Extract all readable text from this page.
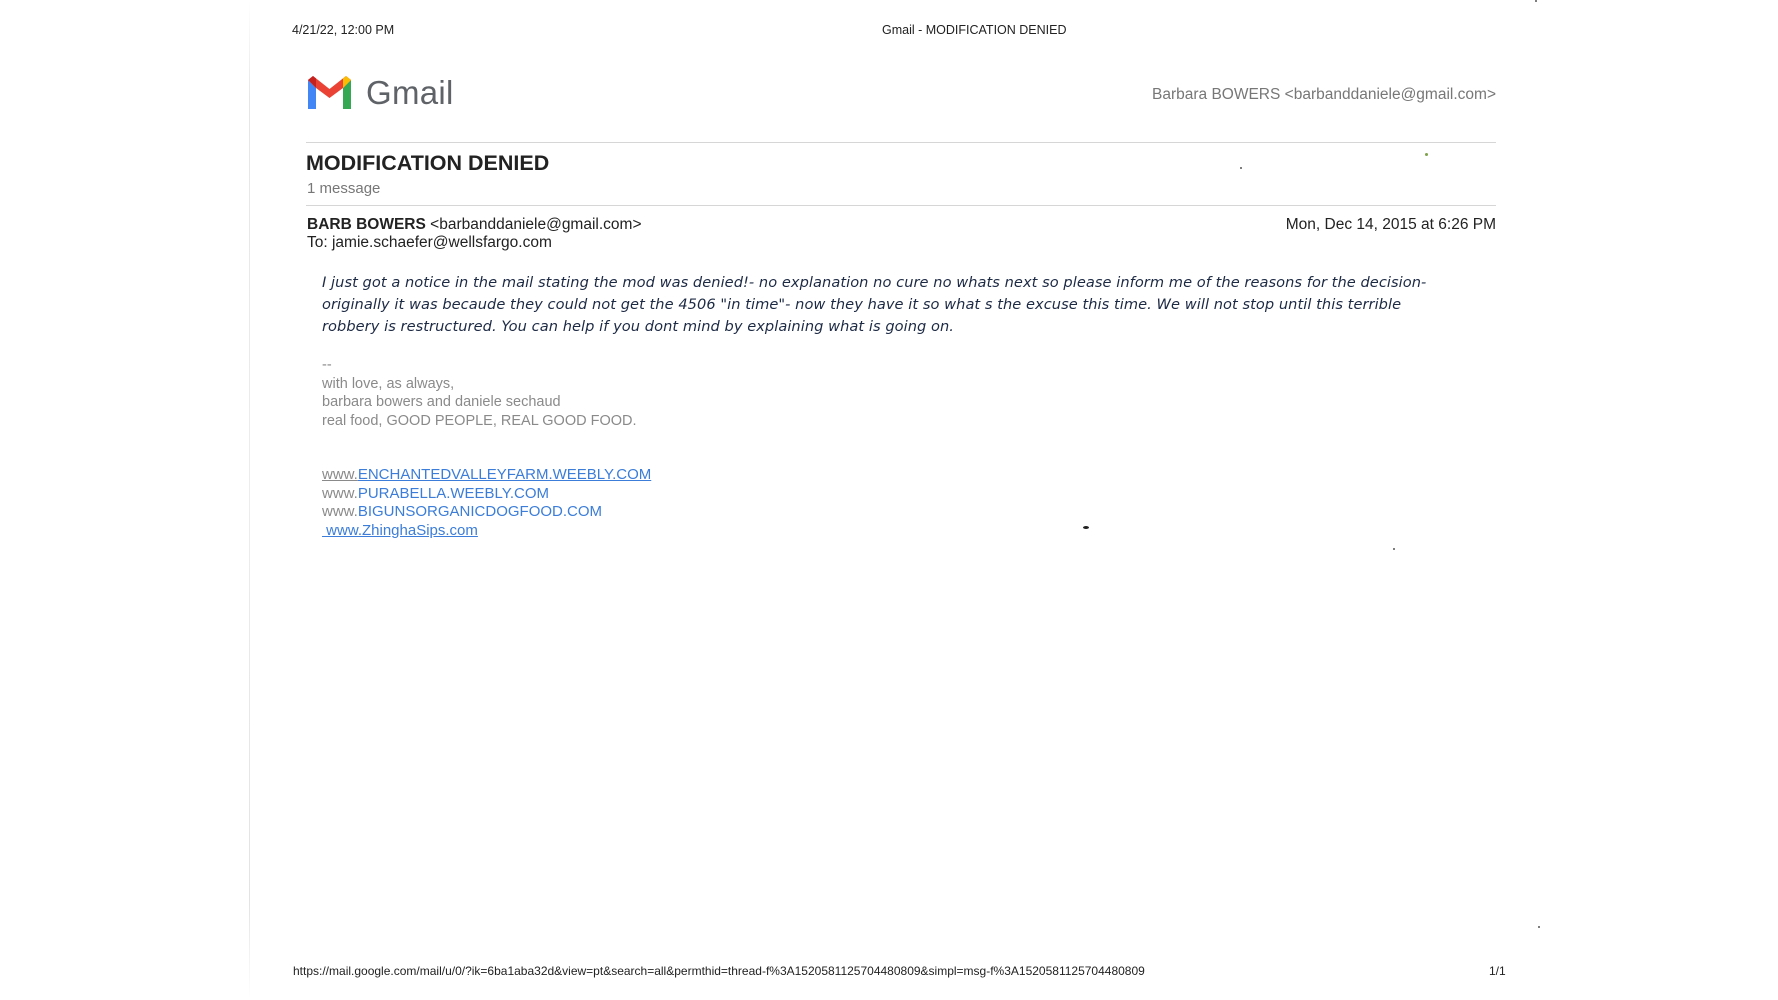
4/21/22, 12:00 PM	Gmail - MODIFICATION DENIED
Gmail	Barbara BOWERS <barbanddaniele@gmail.com>
MODIFICATION DENIED
1 message
BARB BOWERS <barbanddaniele@gmail.com>
To: jamie.schaefer@wellsfargo.com
Mon, Dec 14, 2015 at 6:26 PM
I just got a notice in the mail stating the mod was denied!- no explanation no cure no whats next so please inform me of the reasons for the decision-
originally it was becaude they could not get the 4506 "in time"- now they have it so what s the excuse this time. We will not stop until this terrible
robbery is restructured. You can help if you dont mind by explaining what is going on.
--
with love, as always,
barbara bowers and daniele sechaud
real food, GOOD PEOPLE, REAL GOOD FOOD.
www.ENCHANTEDVALLEYFARM.WEEBLY.COM
www.PURABELLA.WEEBLY.COM
www.BIGUNSORGANICDOGFOOD.COM
www.ZhinghaSips.com
https://mail.google.com/mail/u/0/?ik=6ba1aba32d&view=pt&search=all&permthid=thread-f%3A1520581125704480809&simpl=msg-f%3A1520581125704480809	1/1
